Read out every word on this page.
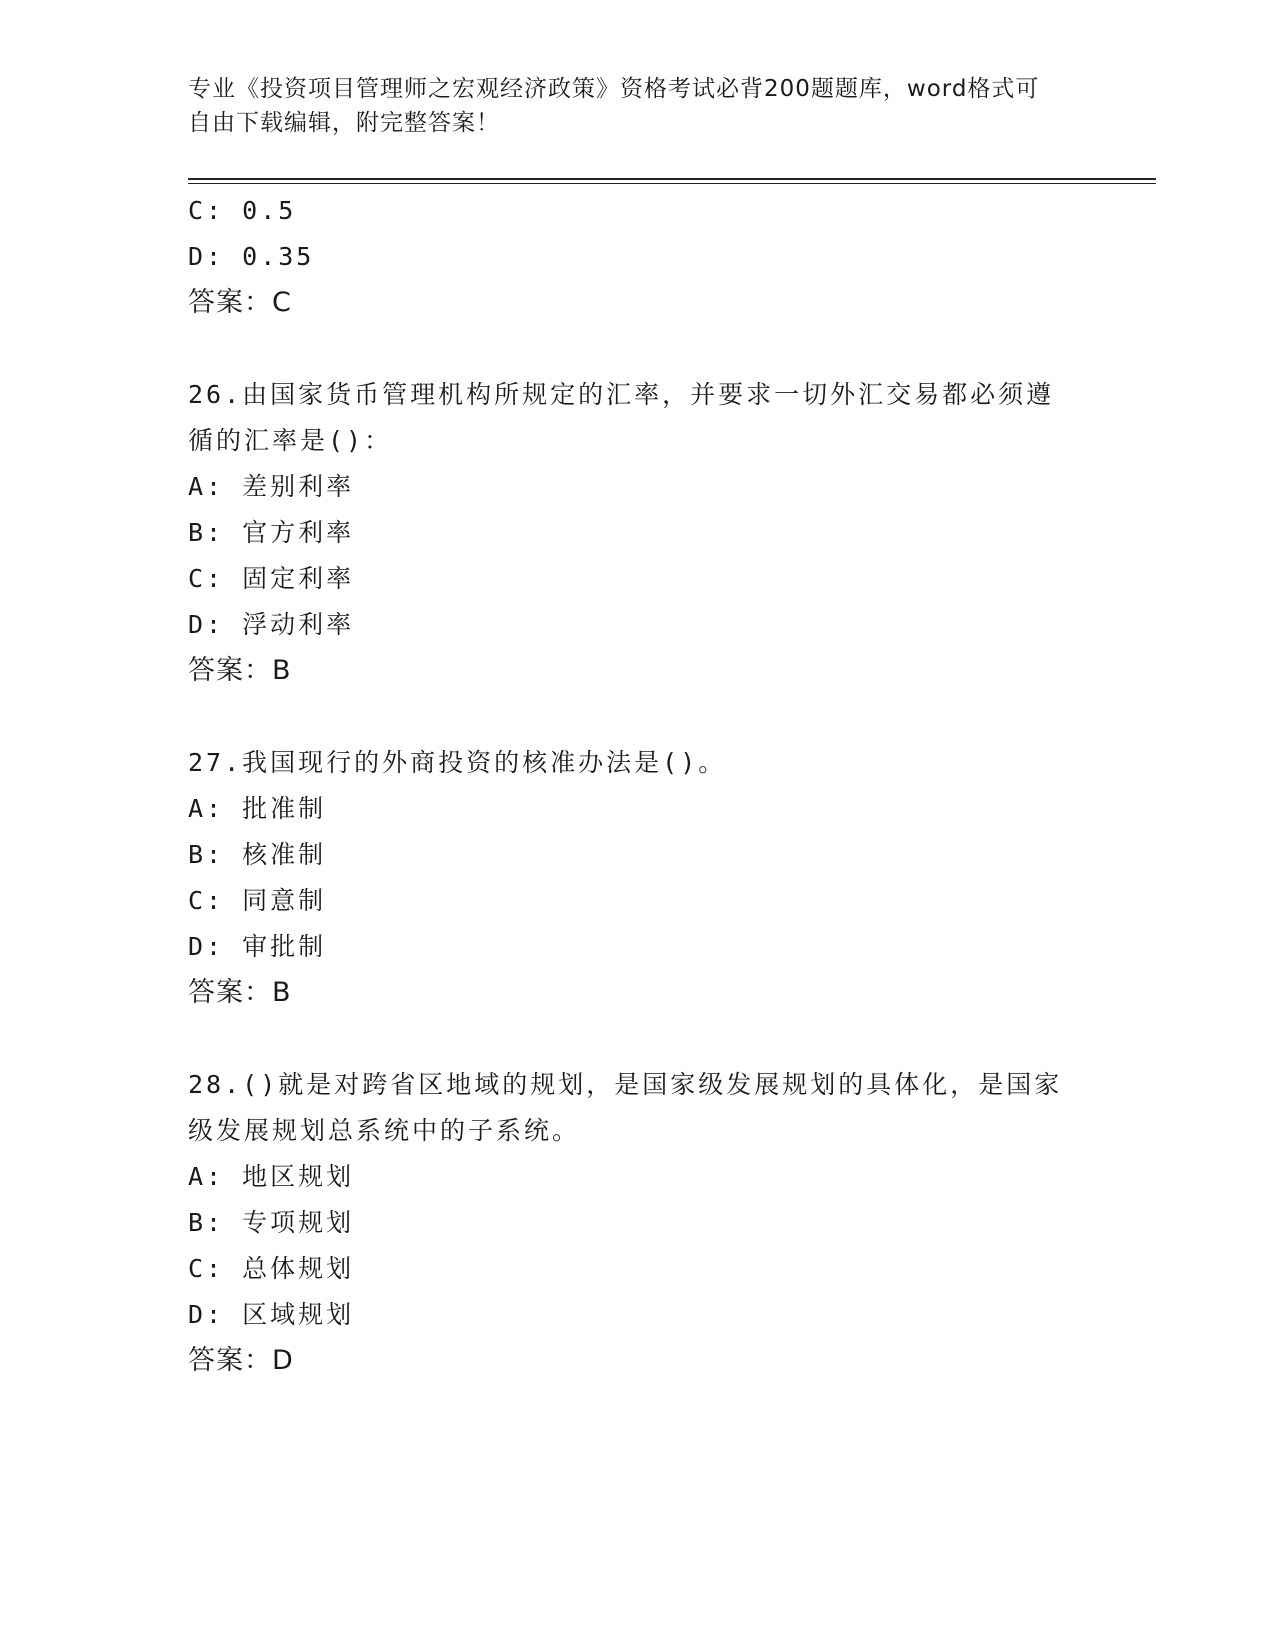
专业《投资项目管理师之宏观经济政策》资格考试必背200题题库，word格式可
自由下载编辑，附完整答案！
C: 0.5
D: 0.35
答案：C
26.由国家货币管理机构所规定的汇率，并要求一切外汇交易都必须遵
循的汇率是()：
A: 差别利率
B: 官方利率
C: 固定利率
D: 浮动利率
答案：B
27.我国现行的外商投资的核准办法是()。
A: 批准制
B: 核准制
C: 同意制
D: 审批制
答案：B
28.()就是对跨省区地域的规划，是国家级发展规划的具体化，是国家
级发展规划总系统中的子系统。
A: 地区规划
B: 专项规划
C: 总体规划
D: 区域规划
答案：D
